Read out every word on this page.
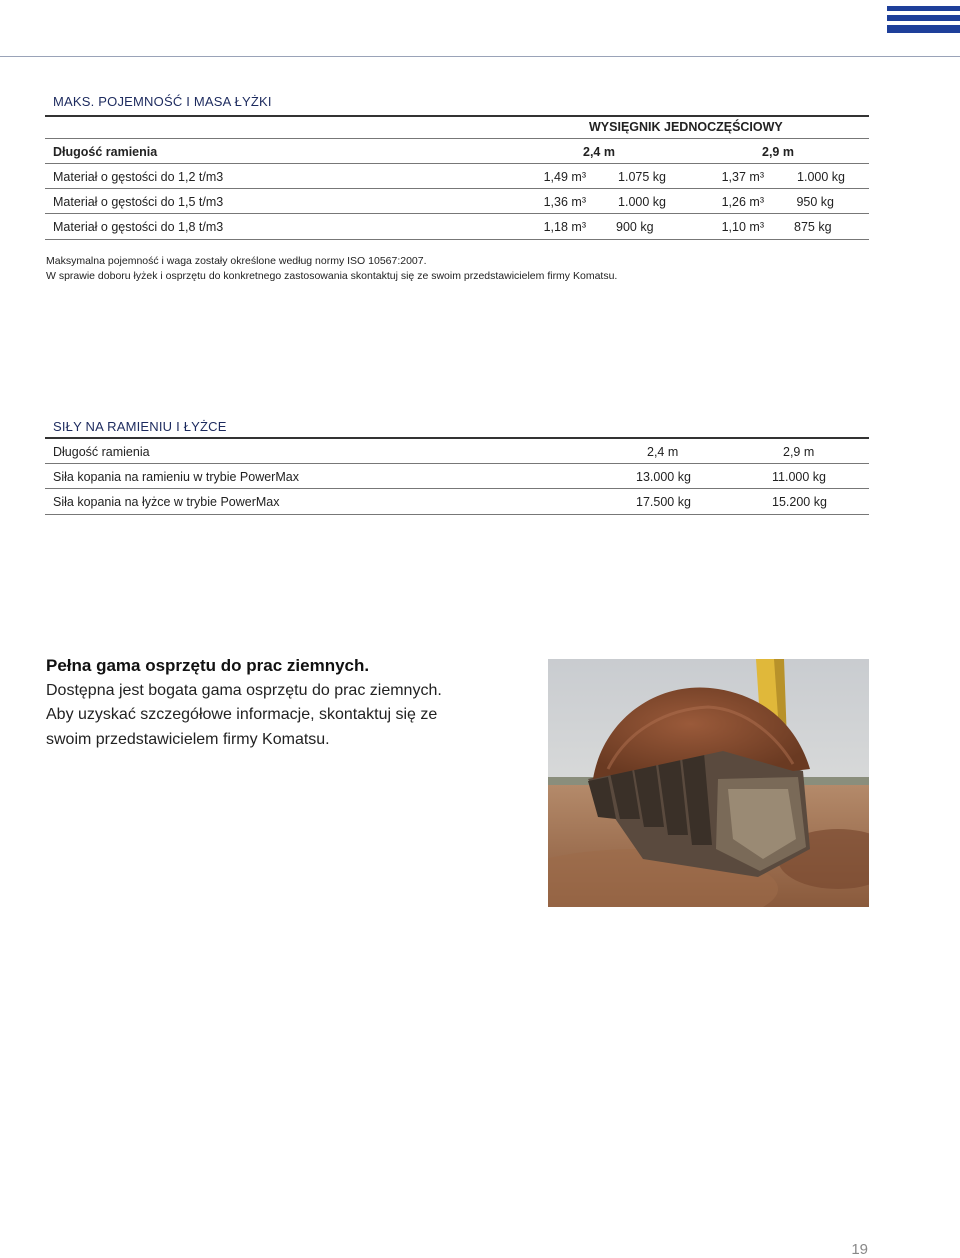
MAKS. POJEMNOŚĆ I MASA ŁYŻKI
WYSIĘGNIK JEDNOCZĘŚCIOWY
Długość ramienia	2,4 m	2,9 m
Materiał o gęstości do 1,2 t/m3	1,49 m³	1.075 kg	1,37 m³	1.000 kg
Materiał o gęstości do 1,5 t/m3	1,36 m³	1.000 kg	1,26 m³	950 kg
Materiał o gęstości do 1,8 t/m3	1,18 m³ 900 kg	1,10 m³ 875 kg
Maksymalna pojemność i waga zostały określone według normy ISO 10567:2007.
W sprawie doboru łyżek i osprzętu do konkretnego zastosowania skontaktuj się ze swoim przedstawicielem firmy Komatsu.
SIŁY NA RAMIENIU I ŁYŻCE
Długość ramienia	2,4 m	2,9 m
Siła kopania na ramieniu w trybie PowerMax	13.000 kg	11.000 kg
Siła kopania na łyżce w trybie PowerMax	17.500 kg	15.200 kg
Pełna gama osprzętu do prac ziemnych.
Dostępna jest bogata gama osprzętu do prac ziemnych.
Aby uzyskać szczegółowe informacje, skontaktuj się ze
swoim przedstawicielem firmy Komatsu.
19
